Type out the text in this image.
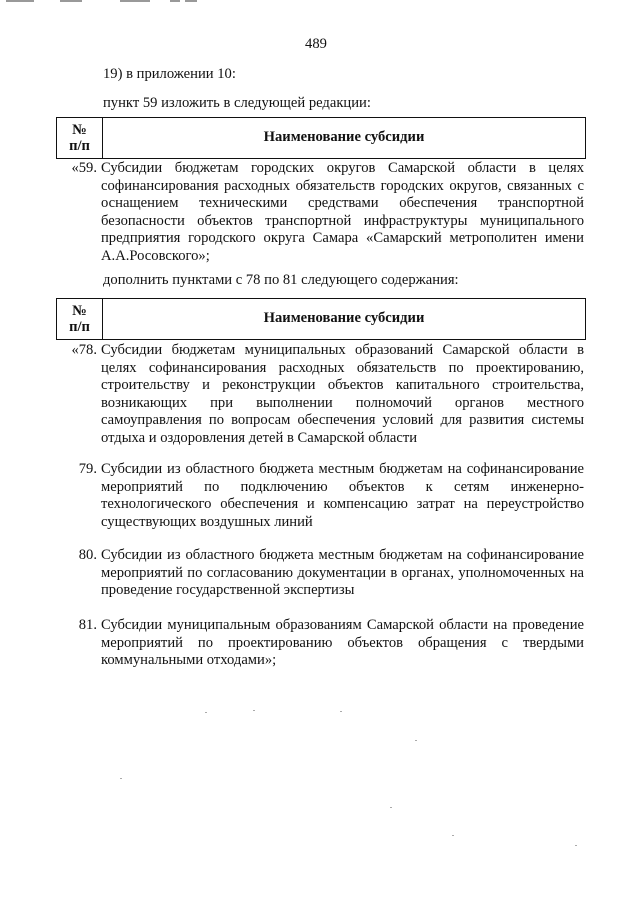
489
19) в приложении 10:
пункт 59 изложить в следующей редакции:
№
п/п
Наименование субсидии
«59. Субсидии бюджетам городских округов Самарской области в целях софинансирования расходных обязательств городских округов, связанных с оснащением техническими средствами обеспечения транспортной безопасности объектов транспортной инфраструктуры муниципального предприятия городского округа Самара «Самарский метрополитен имени А.А.Росовского»;
дополнить пунктами с 78 по 81 следующего содержания:
№
п/п
Наименование субсидии
«78. Субсидии бюджетам муниципальных образований Самарской области в целях софинансирования расходных обязательств по проектированию, строительству и реконструкции объектов капитального строительства, возникающих при выполнении полномочий органов местного самоуправления по вопросам обеспечения условий для развития системы отдыха и оздоровления детей в Самарской области
79. Субсидии из областного бюджета местным бюджетам на софинансирование мероприятий по подключению объектов к сетям инженерно-технологического обеспечения и компенсацию затрат на переустройство существующих воздушных линий
80. Субсидии из областного бюджета местным бюджетам на софинансирование мероприятий по согласованию документации в органах, уполномоченных на проведение государственной экспертизы
81. Субсидии муниципальным образованиям Самарской области на проведение мероприятий по проектированию объектов обращения с твердыми коммунальными отходами»;
